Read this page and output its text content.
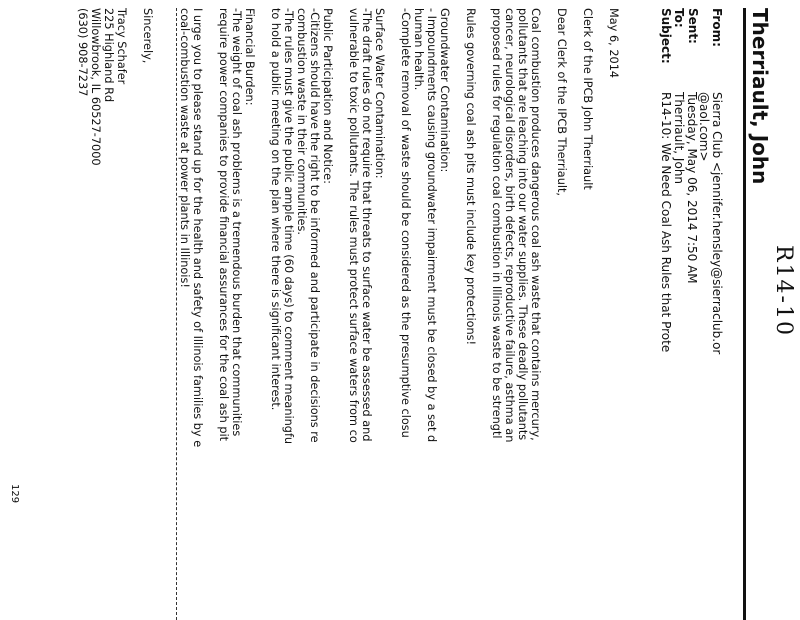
R14-10
Therriault, John
From:
Sierra Club <jennifer.hensley@sierraclub.or
@aol.com>
Sent:
Tuesday, May 06, 2014 7:50 AM
To:
Therriault, John
Subject:
R14-10: We Need Coal Ash Rules that Prote
May 6, 2014
Clerk of the IPCB John Therriault
Dear Clerk of the IPCB Therriault,
Coal combustion produces dangerous coal ash waste that contains mercury,
pollutants that are leaching into our water supplies. These deadly pollutants
cancer, neurological disorders, birth defects, reproductive failure, asthma an
proposed rules for regulation coal combustion in Illinois waste to be strengtl
Rules governing coal ash pits must include key protections!
Groundwater Contamination:
- Impoundments causing groundwater impairment must be closed by a set d
human health.
-Complete removal of waste should be considered as the presumptive closu
Surface Water Contamination:
-The draft rules do not require that threats to surface water be assessed and
vulnerable to toxic pollutants. The rules must protect surface waters from co
Public Participation and Notice:
-Citizens should have the right to be informed and participate in decisions re
combustion waste in their communities.
-The rules must give the public ample time (60 days) to comment meaningfu
to hold a public meeting on the plan where there is significant interest.
Financial Burden:
-The weight of coal ash problems is a tremendous burden that communities
require power companies to provide financial assurances for the coal ash pit
I urge you to please stand up for the health and safety of Illinois families by e
coal-combustion waste at power plants in Illinois!
Sincerely,
Tracy Schafer
225 Highland Rd
Willowbrook, IL 60527-7000
(630) 908-7237
129
